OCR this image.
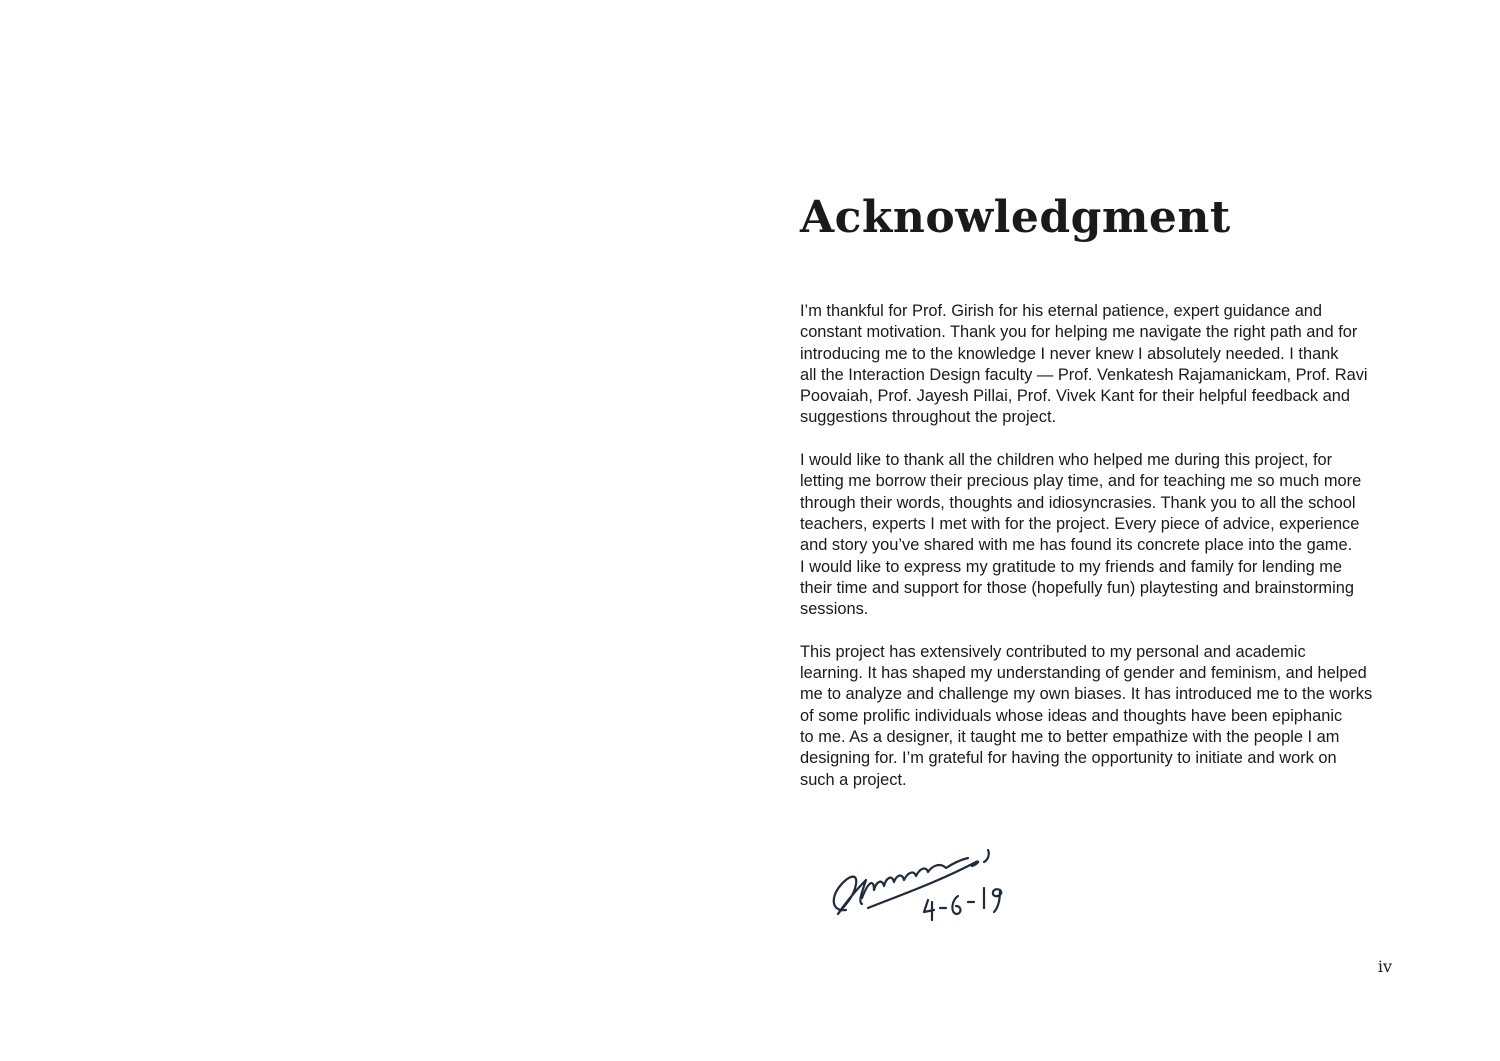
Acknowledgment

I’m thankful for Prof. Girish for his eternal patience, expert guidance and
constant motivation. Thank you for helping me navigate the right path and for
introducing me to the knowledge I never knew I absolutely needed. I thank
all the Interaction Design faculty — Prof. Venkatesh Rajamanickam, Prof. Ravi
Poovaiah, Prof. Jayesh Pillai, Prof. Vivek Kant for their helpful feedback and
suggestions throughout the project.

I would like to thank all the children who helped me during this project, for
letting me borrow their precious play time, and for teaching me so much more
through their words, thoughts and idiosyncrasies. Thank you to all the school
teachers, experts I met with for the project. Every piece of advice, experience
and story you’ve shared with me has found its concrete place into the game.
I would like to express my gratitude to my friends and family for lending me
their time and support for those (hopefully fun) playtesting and brainstorming
sessions.

This project has extensively contributed to my personal and academic
learning. It has shaped my understanding of gender and feminism, and helped
me to analyze and challenge my own biases. It has introduced me to the works
of some prolific individuals whose ideas and thoughts have been epiphanic
to me. As a designer, it taught me to better empathize with the people I am
designing for. I’m grateful for having the opportunity to initiate and work on
such a project.

iv
